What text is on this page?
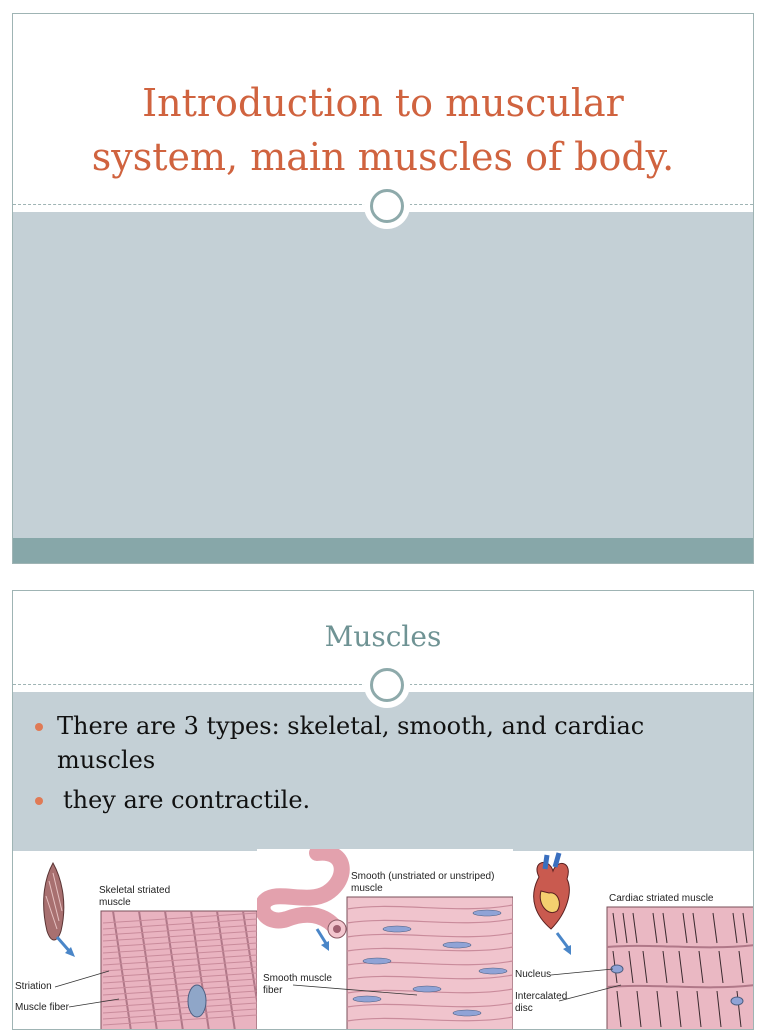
Introduction to muscular
system, main muscles of body.
Muscles
There are 3 types: skeletal, smooth, and cardiac muscles
they are contractile.
Skeletal striated muscle
Striation
Muscle fiber
Smooth (unstriated or unstriped) muscle
Smooth muscle fiber
Cardiac striated muscle
Nucleus
Intercalated disc
